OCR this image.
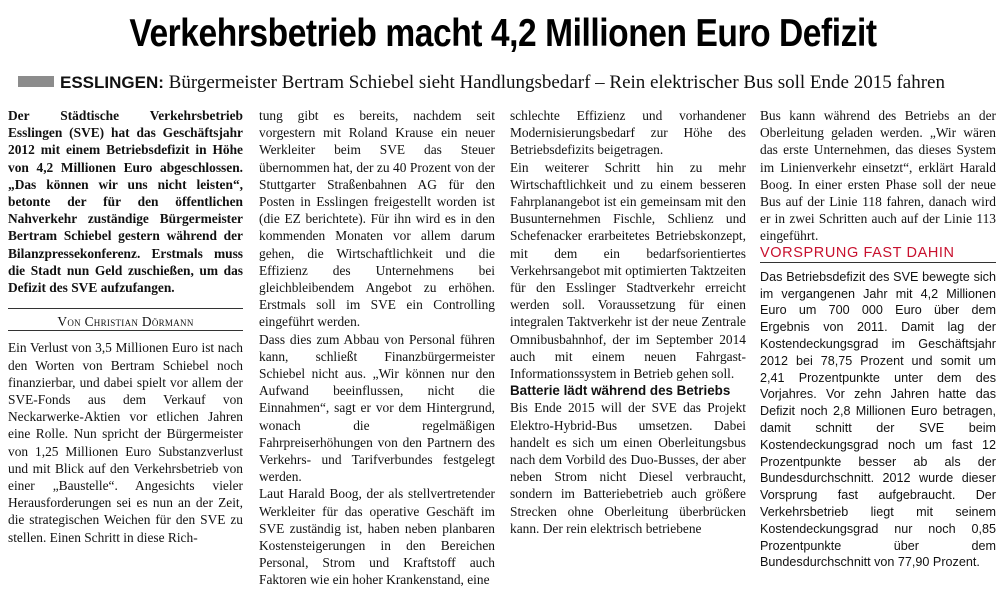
Verkehrsbetrieb macht 4,2 Millionen Euro Defizit
ESSLINGEN: Bürgermeister Bertram Schiebel sieht Handlungsbedarf – Rein elektrischer Bus soll Ende 2015 fahren

Der Städtische Verkehrsbetrieb Esslingen (SVE) hat das Geschäftsjahr 2012 mit einem Betriebsdefizit in Höhe von 4,2 Millionen Euro abgeschlossen. „Das können wir uns nicht leisten“, betonte der für den öffentlichen Nahverkehr zuständige Bürgermeister Bertram Schiebel gestern während der Bilanzpressekonferenz. Erstmals muss die Stadt nun Geld zuschießen, um das Defizit des SVE aufzufangen.

Von Christian Dörmann

Ein Verlust von 3,5 Millionen Euro ist nach den Worten von Bertram Schiebel noch finanzierbar, und dabei spielt vor allem der SVE-Fonds aus dem Verkauf von Neckarwerke-Aktien vor etlichen Jahren eine Rolle. Nun spricht der Bürgermeister von 1,25 Millionen Euro Substanzverlust und mit Blick auf den Verkehrsbetrieb von einer „Baustelle“. Angesichts vieler Herausforderungen sei es nun an der Zeit, die strategischen Weichen für den SVE zu stellen. Einen Schritt in diese Rich-

tung gibt es bereits, nachdem seit vorgestern mit Roland Krause ein neuer Werkleiter beim SVE das Steuer übernommen hat, der zu 40 Prozent von der Stuttgarter Straßenbahnen AG für den Posten in Esslingen freigestellt worden ist (die EZ berichtete). Für ihn wird es in den kommenden Monaten vor allem darum gehen, die Wirtschaftlichkeit und die Effizienz des Unternehmens bei gleichbleibendem Angebot zu erhöhen. Erstmals soll im SVE ein Controlling eingeführt werden.

Dass dies zum Abbau von Personal führen kann, schließt Finanzbürgermeister Schiebel nicht aus. „Wir können nur den Aufwand beeinflussen, nicht die Einnahmen“, sagt er vor dem Hintergrund, wonach die regelmäßigen Fahrpreiserhöhungen von den Partnern des Verkehrs- und Tarifverbundes festgelegt werden.

Laut Harald Boog, der als stellvertretender Werkleiter für das operative Geschäft im SVE zuständig ist, haben neben planbaren Kostensteigerungen in den Bereichen Personal, Strom und Kraftstoff auch Faktoren wie ein hoher Krankenstand, eine

schlechte Effizienz und vorhandener Modernisierungsbedarf zur Höhe des Betriebsdefizits beigetragen.

Ein weiterer Schritt hin zu mehr Wirtschaftlichkeit und zu einem besseren Fahrplanangebot ist ein gemeinsam mit den Busunternehmen Fischle, Schlienz und Schefenacker erarbeitetes Betriebskonzept, mit dem ein bedarfsorientiertes Verkehrsangebot mit optimierten Taktzeiten für den Esslinger Stadtverkehr erreicht werden soll. Voraussetzung für einen integralen Taktverkehr ist der neue Zentrale Omnibusbahnhof, der im September 2014 auch mit einem neuen Fahrgast-Informationssystem in Betrieb gehen soll.

Batterie lädt während des Betriebs

Bis Ende 2015 will der SVE das Projekt Elektro-Hybrid-Bus umsetzen. Dabei handelt es sich um einen Oberleitungsbus nach dem Vorbild des Duo-Busses, der aber neben Strom nicht Diesel verbraucht, sondern im Batteriebetrieb auch größere Strecken ohne Oberleitung überbrücken kann. Der rein elektrisch betriebene

Bus kann während des Betriebs an der Oberleitung geladen werden. „Wir wären das erste Unternehmen, das dieses System im Linienverkehr einsetzt“, erklärt Harald Boog. In einer ersten Phase soll der neue Bus auf der Linie 118 fahren, danach wird er in zwei Schritten auch auf der Linie 113 eingeführt.

VORSPRUNG FAST DAHIN

Das Betriebsdefizit des SVE bewegte sich im vergangenen Jahr mit 4,2 Millionen Euro um 700 000 Euro über dem Ergebnis von 2011. Damit lag der Kostendeckungsgrad im Geschäftsjahr 2012 bei 78,75 Prozent und somit um 2,41 Prozentpunkte unter dem des Vorjahres. Vor zehn Jahren hatte das Defizit noch 2,8 Millionen Euro betragen, damit schnitt der SVE beim Kostendeckungsgrad noch um fast 12 Prozentpunkte besser ab als der Bundesdurchschnitt. 2012 wurde dieser Vorsprung fast aufgebraucht. Der Verkehrsbetrieb liegt mit seinem Kostendeckungsgrad nur noch 0,85 Prozentpunkte über dem Bundesdurchschnitt von 77,90 Prozent.
